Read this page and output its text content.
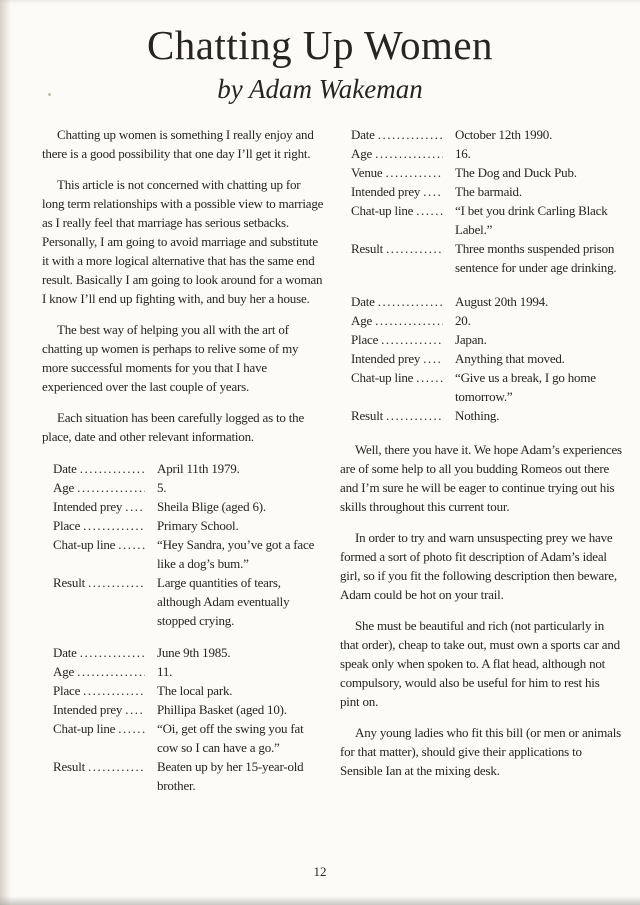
Chatting Up Women
by Adam Wakeman

Chatting up women is something I really enjoy and there is a good possibility that one day I’ll get it right.

This article is not concerned with chatting up for long term relationships with a possible view to marriage as I really feel that marriage has serious setbacks. Personally, I am going to avoid marriage and substitute it with a more logical alternative that has the same end result. Basically I am going to look around for a woman I know I’ll end up fighting with, and buy her a house.

The best way of helping you all with the art of chatting up women is perhaps to relive some of my more successful moments for you that I have experienced over the last couple of years.

Each situation has been carefully logged as to the place, date and other relevant information.

Date .....	April 11th 1979.
Age .....	5.
Intended prey .....	Sheila Blige (aged 6).
Place .....	Primary School.
Chat-up line .....	“Hey Sandra, you’ve got a face like a dog’s bum.”
Result .....	Large quantities of tears, although Adam eventually stopped crying.
Date .....	June 9th 1985.
Age .....	11.
Place .....	The local park.
Intended prey .....	Phillipa Basket (aged 10).
Chat-up line .....	“Oi, get off the swing you fat cow so I can have a go.”
Result .....	Beaten up by her 15-year-old brother.
Date .....	October 12th 1990.
Age .....	16.
Venue .....	The Dog and Duck Pub.
Intended prey .....	The barmaid.
Chat-up line .....	“I bet you drink Carling Black Label.”
Result .....	Three months suspended prison sentence for under age drinking.
Date .....	August 20th 1994.
Age .....	20.
Place .....	Japan.
Intended prey .....	Anything that moved.
Chat-up line .....	“Give us a break, I go home tomorrow.”
Result .....	Nothing.

Well, there you have it. We hope Adam’s experiences are of some help to all you budding Romeos out there and I’m sure he will be eager to continue trying out his skills throughout this current tour.

In order to try and warn unsuspecting prey we have formed a sort of photo fit description of Adam’s ideal girl, so if you fit the following description then beware, Adam could be hot on your trail.

She must be beautiful and rich (not particularly in that order), cheap to take out, must own a sports car and speak only when spoken to. A flat head, although not compulsory, would also be useful for him to rest his pint on.

Any young ladies who fit this bill (or men or animals for that matter), should give their applications to Sensible Ian at the mixing desk.

12
